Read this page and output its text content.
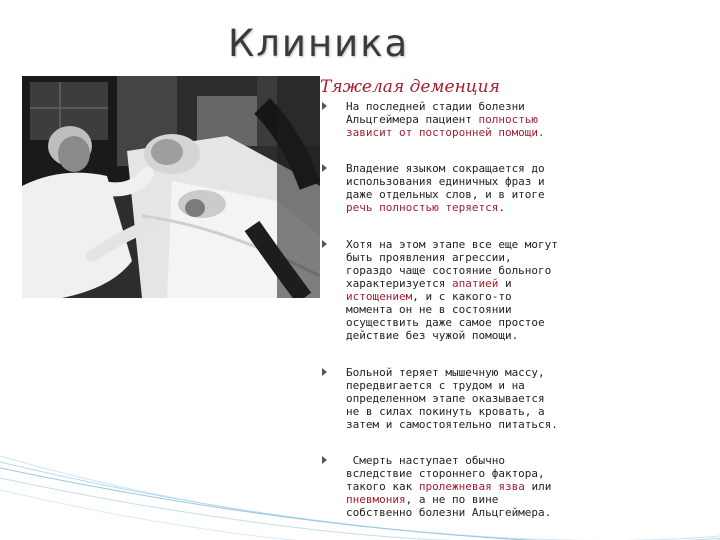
Клиника
Тяжелая деменция
На последней стадии болезни
Альцгеймера пациент полностью
зависит от посторонней помощи.
Владение языком сокращается до
использования единичных фраз и
даже отдельных слов, и в итоге
речь полностью теряется.
Хотя на этом этапе все еще могут
быть проявления агрессии,
гораздо чаще состояние больного
характеризуется апатией и
истощением, и с какого-то
момента он не в состоянии
осуществить даже самое простое
действие без чужой помощи.
Больной теряет мышечную массу,
передвигается с трудом и на
определенном этапе оказывается
не в силах покинуть кровать, а
затем и самостоятельно питаться.
Смерть наступает обычно
вследствие стороннего фактора,
такого как пролежневая язва или
пневмония, а не по вине
собственно болезни Альцгеймера.
